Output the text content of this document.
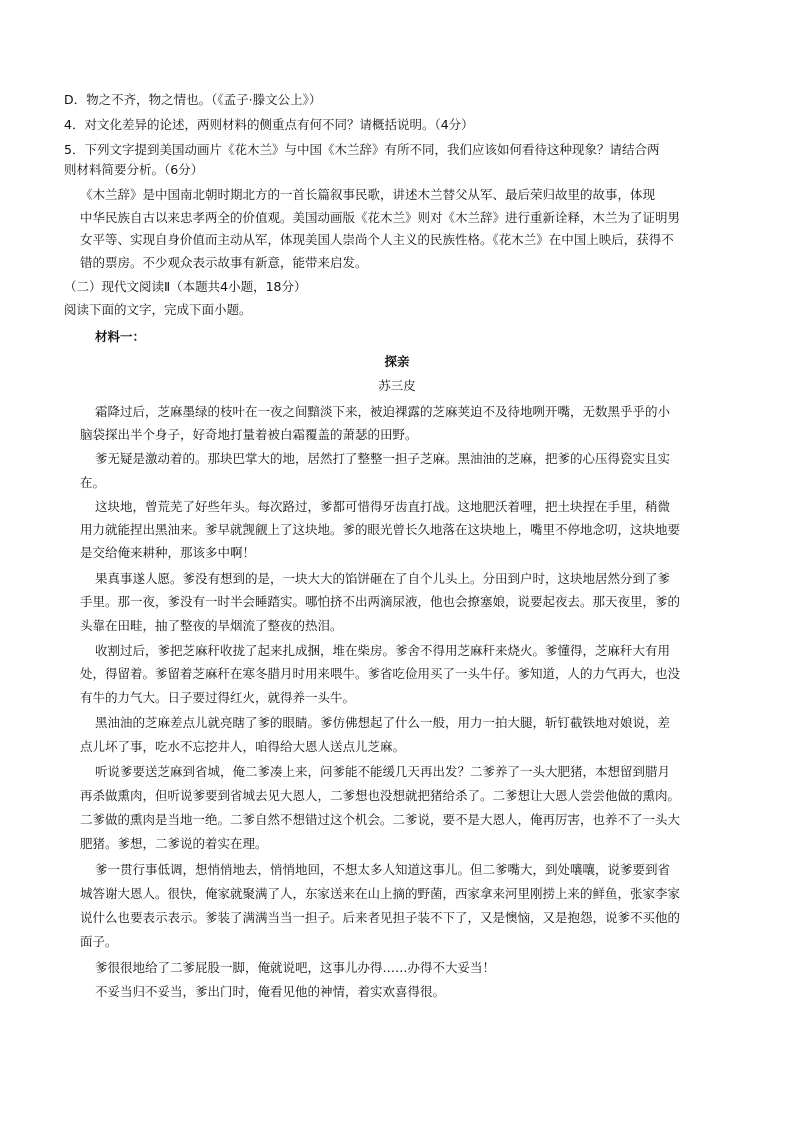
D．物之不齐，物之情也。（《孟子·滕文公上》）
4．对文化差异的论述，两则材料的侧重点有何不同？请概括说明。（4分）
5．下列文字提到美国动画片《花木兰》与中国《木兰辞》有所不同，我们应该如何看待这种现象？请结合两
则材料简要分析。（6分）
《木兰辞》是中国南北朝时期北方的一首长篇叙事民歌，讲述木兰替父从军、最后荣归故里的故事，体现
中华民族自古以来忠孝两全的价值观。美国动画版《花木兰》则对《木兰辞》进行重新诠释，木兰为了证明男
女平等、实现自身价值而主动从军，体现美国人崇尚个人主义的民族性格。《花木兰》在中国上映后，获得不
错的票房。不少观众表示故事有新意，能带来启发。
（二）现代文阅读Ⅱ（本题共4小题，18分）
阅读下面的文字，完成下面小题。
材料一：
探亲
苏三皮
霜降过后，芝麻墨绿的枝叶在一夜之间黯淡下来，被迫裸露的芝麻荚迫不及待地咧开嘴，无数黑乎乎的小
脑袋探出半个身子，好奇地打量着被白霜覆盖的萧瑟的田野。
爹无疑是激动着的。那块巴掌大的地，居然打了整整一担子芝麻。黑油油的芝麻，把爹的心压得瓷实且实
在。
这块地，曾荒芜了好些年头。每次路过，爹都可惜得牙齿直打战。这地肥沃着哩，把土块捏在手里，稍微
用力就能捏出黑油来。爹早就觊觎上了这块地。爹的眼光曾长久地落在这块地上，嘴里不停地念叨，这块地要
是交给俺来耕种，那该多中啊！
果真事遂人愿。爹没有想到的是，一块大大的馅饼砸在了自个儿头上。分田到户时，这块地居然分到了爹
手里。那一夜，爹没有一时半会睡踏实。哪怕挤不出两滴尿液，他也会撩塞娘，说要起夜去。那天夜里，爹的
头靠在田畦，抽了整夜的旱烟流了整夜的热泪。
收割过后，爹把芝麻秆收拢了起来扎成捆，堆在柴房。爹舍不得用芝麻秆来烧火。爹懂得，芝麻秆大有用
处，得留着。爹留着芝麻秆在寒冬腊月时用来喂牛。爹省吃俭用买了一头牛仔。爹知道，人的力气再大，也没
有牛的力气大。日子要过得红火，就得养一头牛。
黑油油的芝麻差点儿就亮瞎了爹的眼睛。爹仿佛想起了什么一般，用力一拍大腿，斩钉截铁地对娘说，差
点儿坏了事，吃水不忘挖井人，咱得给大恩人送点儿芝麻。
听说爹要送芝麻到省城，俺二爹凑上来，问爹能不能缓几天再出发？二爹养了一头大肥猪，本想留到腊月
再杀做熏肉，但听说爹要到省城去见大恩人，二爹想也没想就把猪给杀了。二爹想让大恩人尝尝他做的熏肉。
二爹做的熏肉是当地一绝。二爹自然不想错过这个机会。二爹说，要不是大恩人，俺再厉害，也养不了一头大
肥猪。爹想，二爹说的着实在理。
爹一贯行事低调，想悄悄地去，悄悄地回，不想太多人知道这事儿。但二爹嘴大，到处嚷嚷，说爹要到省
城答谢大恩人。很快，俺家就聚满了人，东家送来在山上摘的野菌，西家拿来河里刚捞上来的鲜鱼，张家李家
说什么也要表示表示。爹装了满满当当一担子。后来者见担子装不下了，又是懊恼，又是抱怨，说爹不买他的
面子。
爹很很地给了二爹屁股一脚，俺就说吧，这事儿办得……办得不大妥当！
不妥当归不妥当，爹出门时，俺看见他的神情，着实欢喜得很。
